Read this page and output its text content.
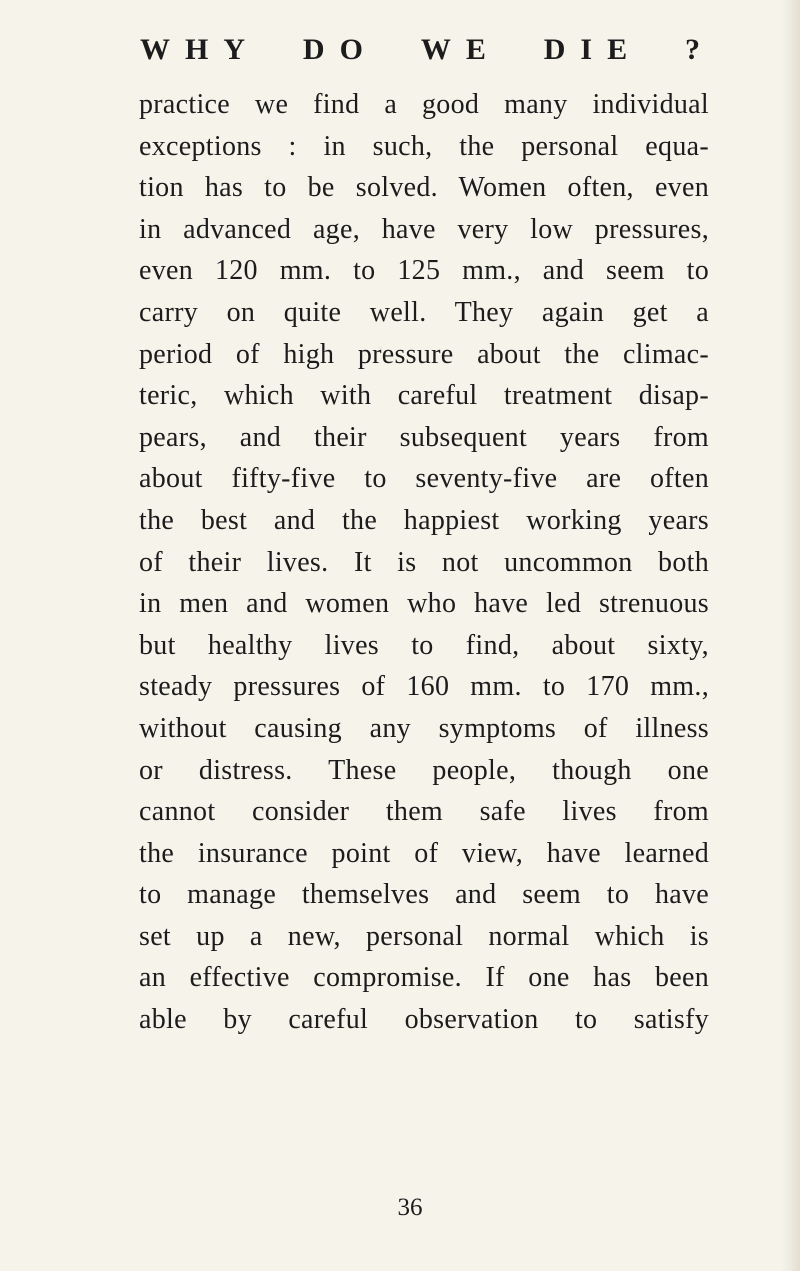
W H Y D O W E D I E ?
practice we find a good many individual
exceptions : in such, the personal equa-
tion has to be solved. Women often, even
in advanced age, have very low pressures,
even 120 mm. to 125 mm., and seem to
carry on quite well. They again get a
period of high pressure about the climac-
teric, which with careful treatment disap-
pears, and their subsequent years from
about fifty-five to seventy-five are often
the best and the happiest working years
of their lives. It is not uncommon both
in men and women who have led strenuous
but healthy lives to find, about sixty,
steady pressures of 160 mm. to 170 mm.,
without causing any symptoms of illness
or distress. These people, though one
cannot consider them safe lives from
the insurance point of view, have learned
to manage themselves and seem to have
set up a new, personal normal which is
an effective compromise. If one has been
able by careful observation to satisfy
36
